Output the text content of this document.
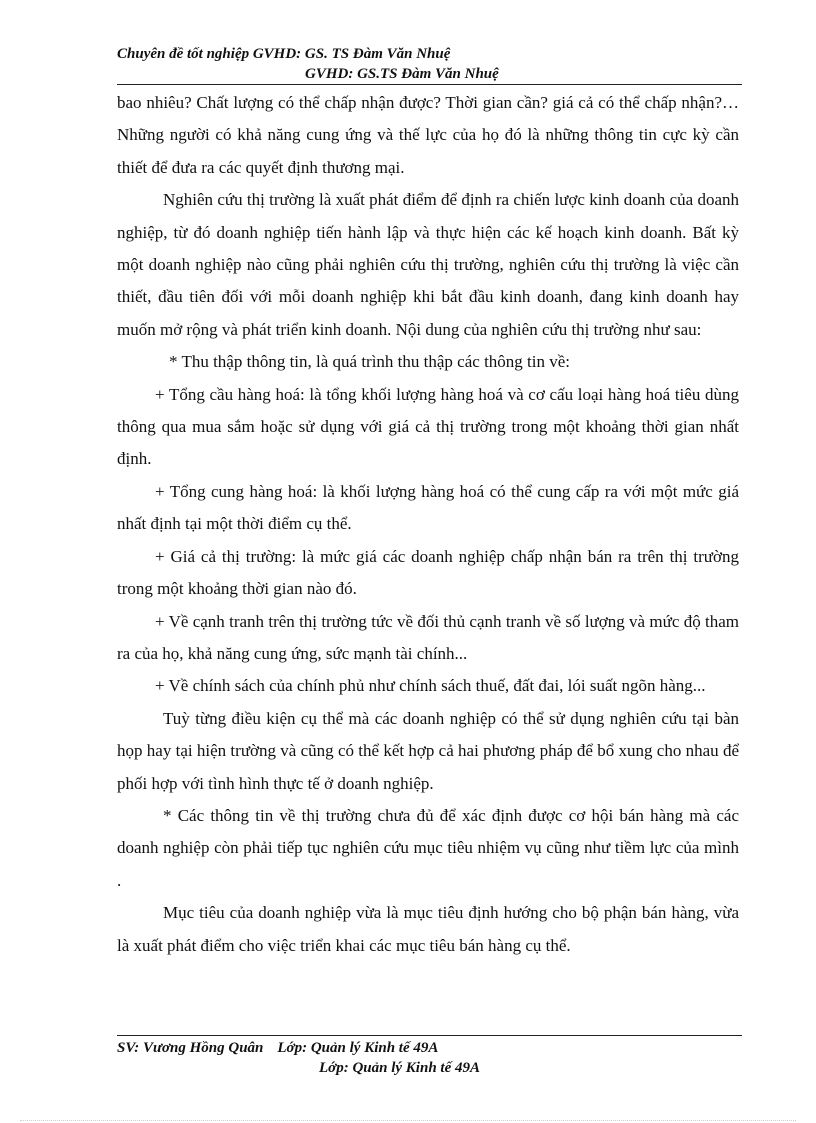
Chuyên đề tốt nghiệp GVHD: GS. TS Đàm Văn Nhuệ
GVHD: GS.TS Đàm Văn Nhuệ

bao nhiêu? Chất lượng có thể chấp nhận được? Thời gian cần? giá cả có thể chấp nhận?… Những người có khả năng cung ứng và thế lực của họ đó là những thông tin cực kỳ cần thiết để đưa ra các quyết định thương mại.

Nghiên cứu thị trường là xuất phát điểm để định ra chiến lược kinh doanh của doanh nghiệp, từ đó doanh nghiệp tiến hành lập và thực hiện các kế hoạch kinh doanh. Bất kỳ một doanh nghiệp nào cũng phải nghiên cứu thị trường, nghiên cứu thị trường là việc cần thiết, đầu tiên đối với mỗi doanh nghiệp khi bắt đầu kinh doanh, đang kinh doanh hay muốn mở rộng và phát triển kinh doanh. Nội dung của nghiên cứu thị trường như sau:

* Thu thập thông tin, là quá trình thu thập các thông tin về:

+ Tổng cầu hàng hoá: là tổng khối lượng hàng hoá và cơ cấu loại hàng hoá tiêu dùng thông qua mua sắm hoặc sử dụng với giá cả thị trường trong một khoảng thời gian nhất định.

+ Tổng cung hàng hoá: là khối lượng hàng hoá có thể cung cấp ra với một mức giá nhất định tại một thời điểm cụ thể.

+ Giá cả thị trường: là mức giá các doanh nghiệp chấp nhận bán ra trên thị trường trong một khoảng thời gian nào đó.

+ Về cạnh tranh trên thị trường tức về đối thủ cạnh tranh về số lượng và mức độ tham ra của họ, khả năng cung ứng, sức mạnh tài chính...

+ Về chính sách của chính phủ như chính sách thuế, đất đai, lói suất ngõn hàng...

Tuỳ từng điều kiện cụ thể mà các doanh nghiệp có thể sử dụng nghiên cứu tại bàn họp hay tại hiện trường và cũng có thể kết hợp cả hai phương pháp để bổ xung cho nhau để phối hợp với tình hình thực tế ở doanh nghiệp.

* Các thông tin về thị trường chưa đủ để xác định được cơ hội bán hàng mà các doanh nghiệp còn phải tiếp tục nghiên cứu mục tiêu nhiệm vụ cũng như tiềm lực của mình .

Mục tiêu của doanh nghiệp vừa là mục tiêu định hướng cho bộ phận bán hàng, vừa là xuất phát điểm cho việc triển khai các mục tiêu bán hàng cụ thể.

SV: Vương Hồng Quân Lớp: Quản lý Kinh tế 49A
Lớp: Quản lý Kinh tế 49A
